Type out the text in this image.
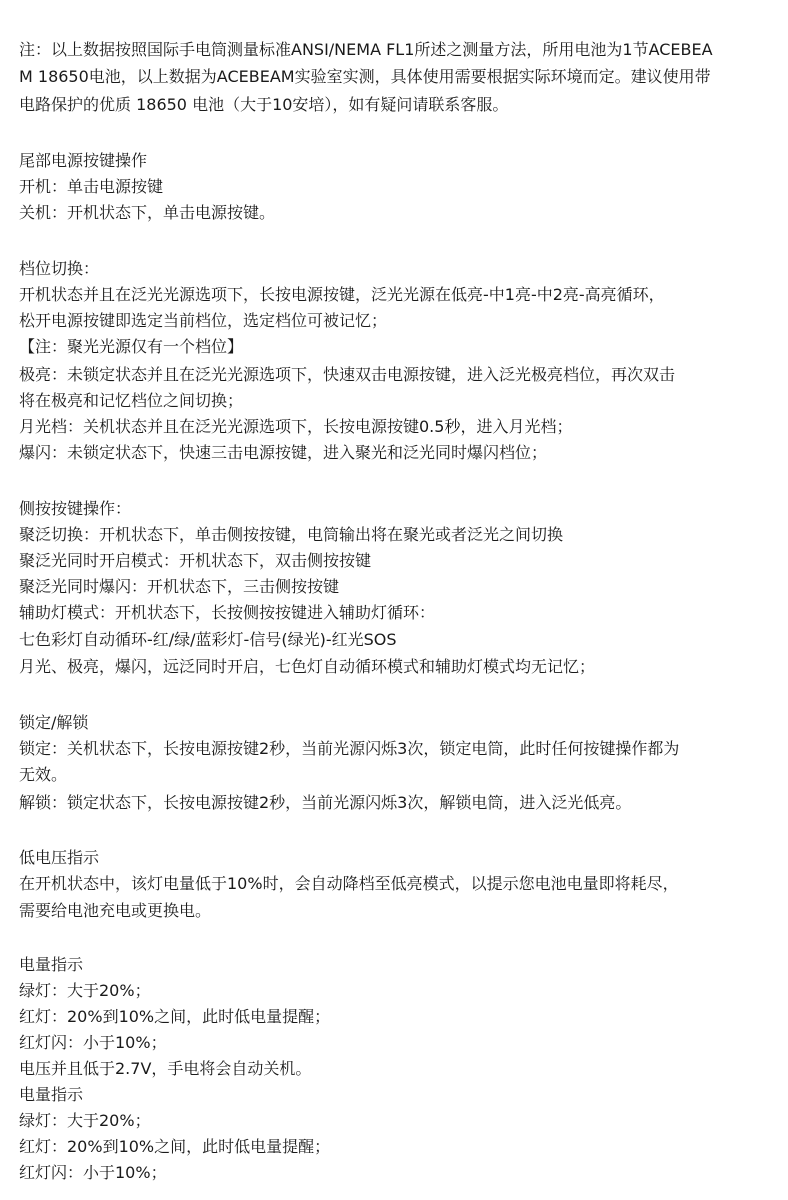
注：以上数据按照国际手电筒测量标准ANSI/NEMA FL1所述之测量方法，所用电池为1节ACEBEA
M 18650电池，以上数据为ACEBEAM实验室实测，具体使用需要根据实际环境而定。建议使用带
电路保护的优质 18650 电池（大于10安培），如有疑问请联系客服。
尾部电源按键操作
开机：单击电源按键
关机：开机状态下，单击电源按键。
档位切换：
开机状态并且在泛光光源选项下，长按电源按键，泛光光源在低亮-中1亮-中2亮-高亮循环，
松开电源按键即选定当前档位，选定档位可被记忆；
【注：聚光光源仅有一个档位】
极亮：未锁定状态并且在泛光光源选项下，快速双击电源按键，进入泛光极亮档位，再次双击
将在极亮和记忆档位之间切换；
月光档：关机状态并且在泛光光源选项下，长按电源按键0.5秒，进入月光档；
爆闪：未锁定状态下，快速三击电源按键，进入聚光和泛光同时爆闪档位；
侧按按键操作：
聚泛切换：开机状态下，单击侧按按键，电筒输出将在聚光或者泛光之间切换
聚泛光同时开启模式：开机状态下，双击侧按按键
聚泛光同时爆闪：开机状态下，三击侧按按键
辅助灯模式：开机状态下，长按侧按按键进入辅助灯循环：
七色彩灯自动循环-红/绿/蓝彩灯-信号(绿光)-红光SOS
月光、极亮，爆闪，远泛同时开启，七色灯自动循环模式和辅助灯模式均无记忆；
锁定/解锁
锁定：关机状态下，长按电源按键2秒，当前光源闪烁3次，锁定电筒，此时任何按键操作都为
无效。
解锁：锁定状态下，长按电源按键2秒，当前光源闪烁3次，解锁电筒，进入泛光低亮。
低电压指示
在开机状态中，该灯电量低于10%时，会自动降档至低亮模式，以提示您电池电量即将耗尽，
需要给电池充电或更换电。
电量指示
绿灯：大于20%；
红灯：20%到10%之间，此时低电量提醒；
红灯闪：小于10%；
电压并且低于2.7V，手电将会自动关机。
电量指示
绿灯：大于20%；
红灯：20%到10%之间，此时低电量提醒；
红灯闪：小于10%；
